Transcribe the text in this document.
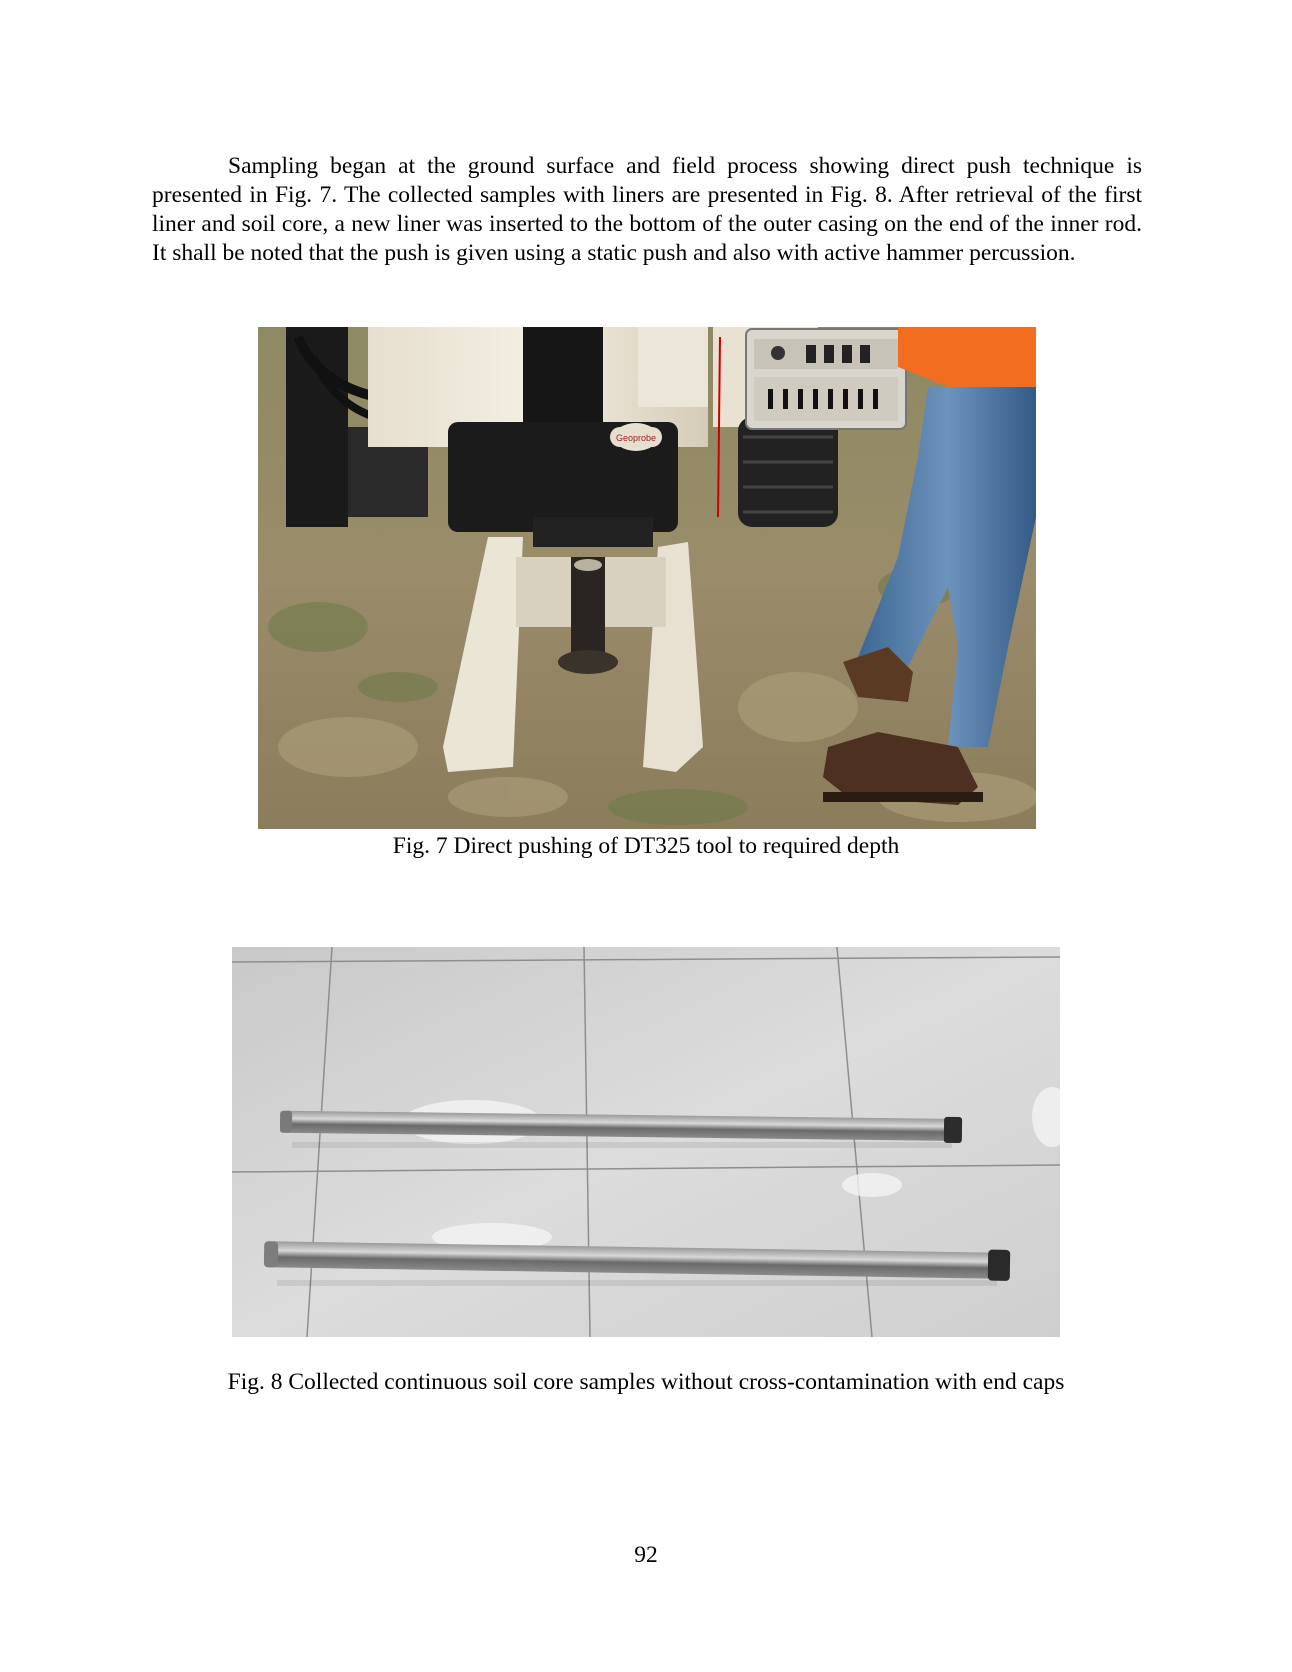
Sampling began at the ground surface and field process showing direct push technique is presented in Fig. 7. The collected samples with liners are presented in Fig. 8. After retrieval of the first liner and soil core, a new liner was inserted to the bottom of the outer casing on the end of the inner rod. It shall be noted that the push is given using a static push and also with active hammer percussion.

Geoprobe

Fig. 7 Direct pushing of DT325 tool to required depth

Fig. 8 Collected continuous soil core samples without cross-contamination with end caps

92
